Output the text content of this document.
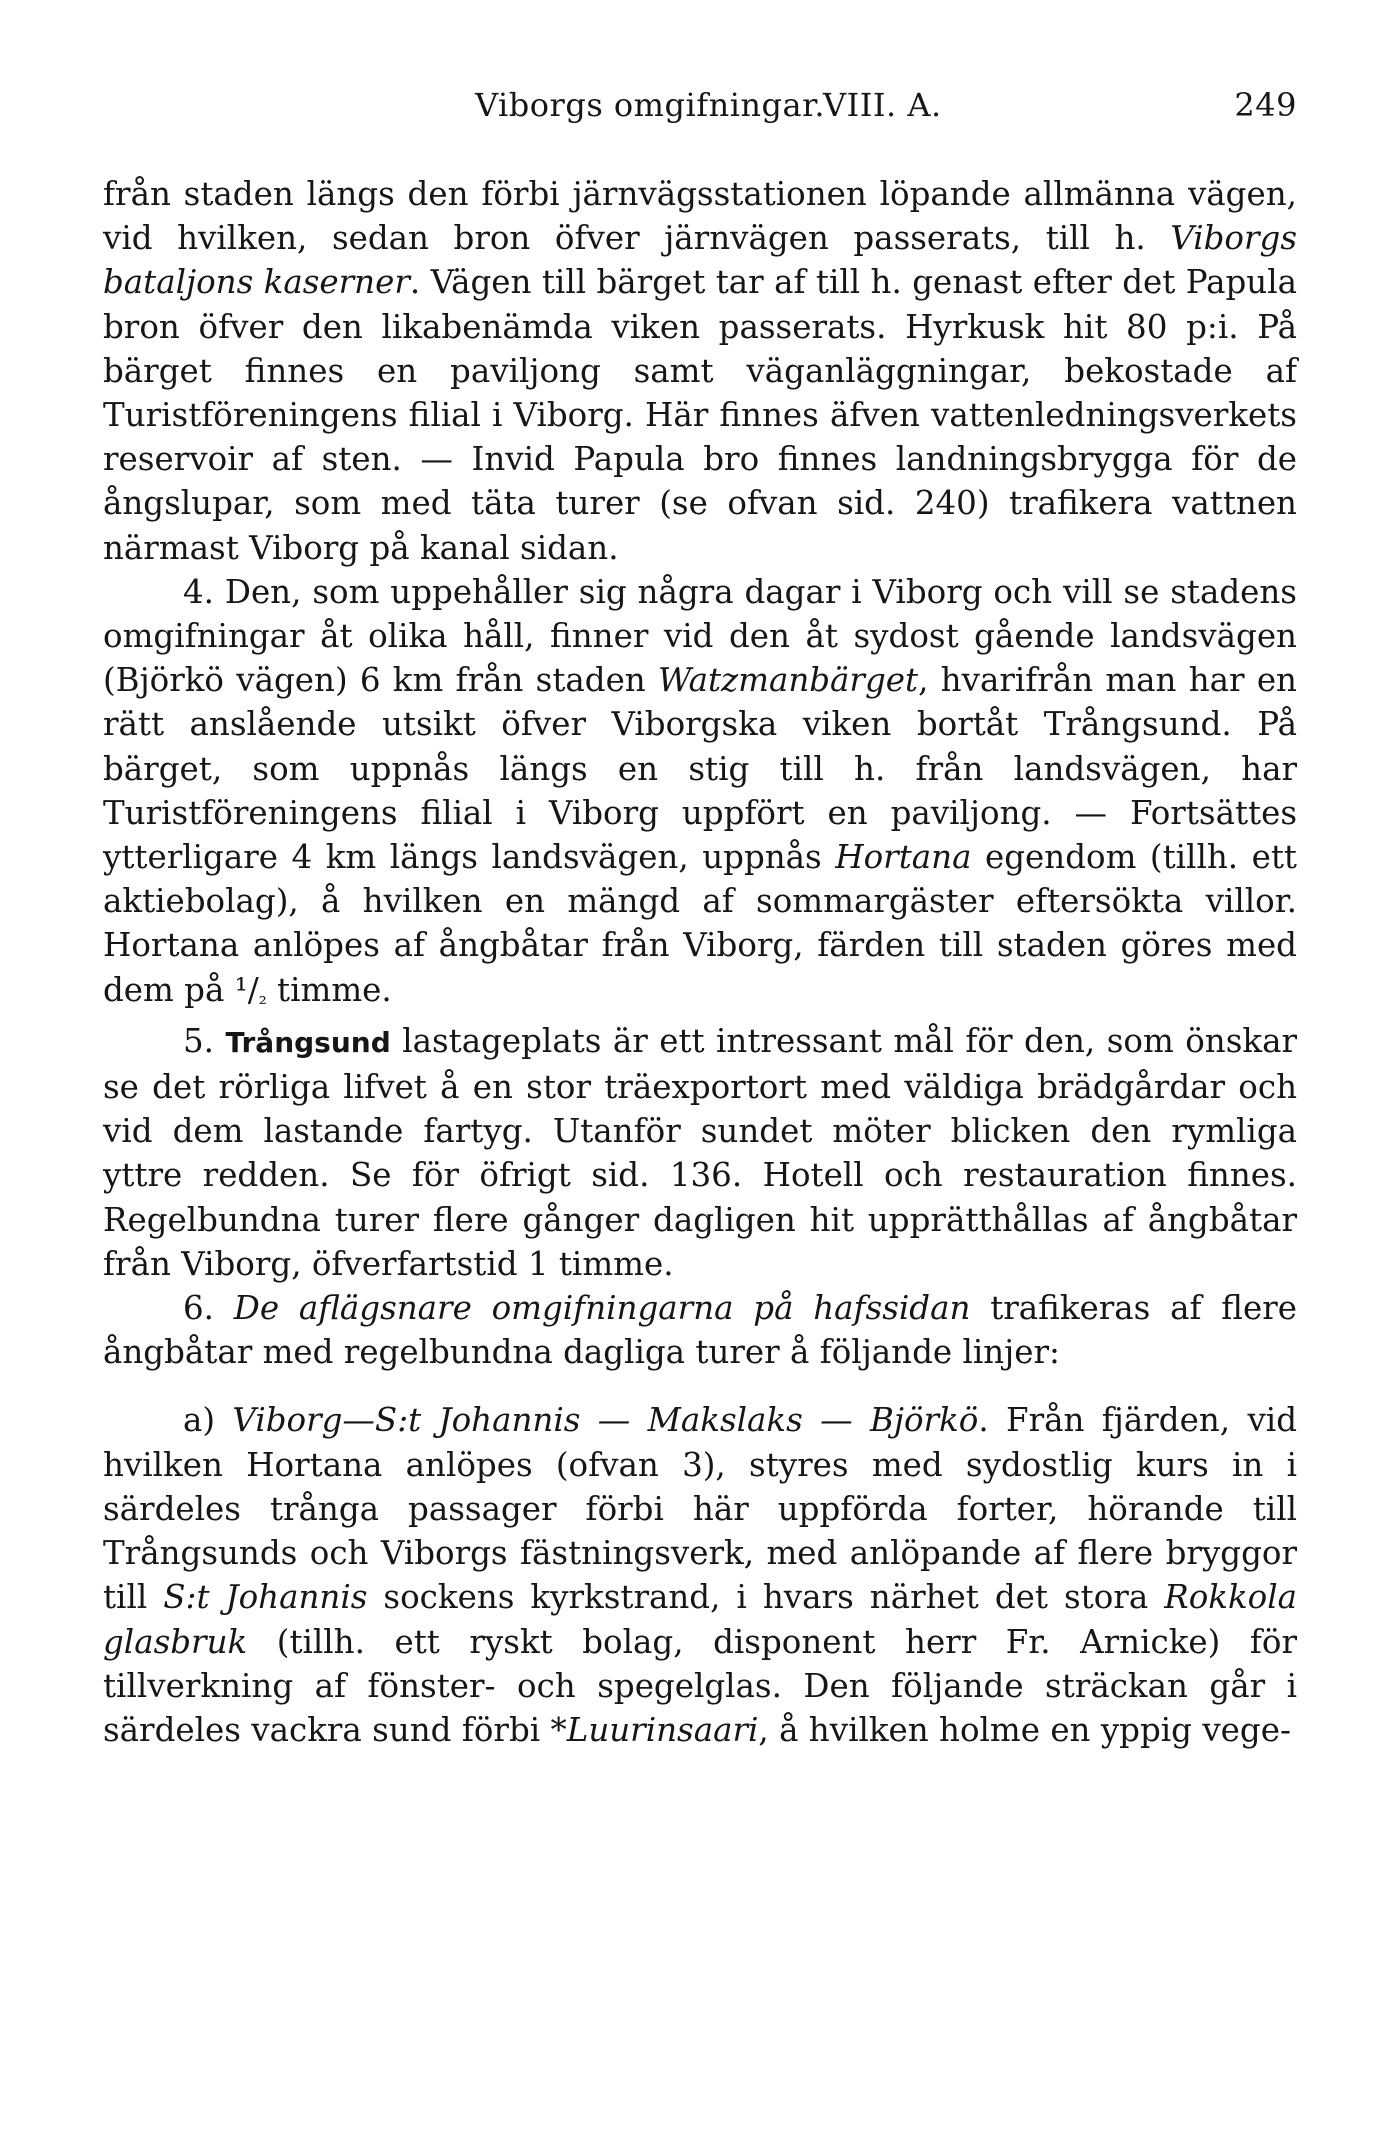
Viborgs omgifningar.
VIII. A.	249

från staden längs den förbi järnvägsstationen löpande allmänna vägen, vid hvilken, sedan bron öfver järnvägen passerats, till h. Viborgs bataljons kaserner. Vägen till bärget tar af till h. genast efter det Papula bron öfver den likabenämda viken passerats. Hyrkusk hit 80 p:i. På bärget finnes en paviljong samt väganläggningar, bekostade af Turistföreningens filial i Viborg. Här finnes äfven vattenledningsverkets reservoir af sten. — Invid Papula bro finnes landningsbrygga för de ångslupar, som med täta turer (se ofvan sid. 240) trafikera vattnen närmast Viborg på kanal sidan.

4. Den, som uppehåller sig några dagar i Viborg och vill se stadens omgifningar åt olika håll, finner vid den åt sydost gående landsvägen (Björkö vägen) 6 km från staden Watzmanbärget, hvarifrån man har en rätt anslående utsikt öfver Viborgska viken bortåt Trångsund. På bärget, som uppnås längs en stig till h. från landsvägen, har Turistföreningens filial i Viborg uppfört en paviljong. — Fortsättes ytterligare 4 km längs landsvägen, uppnås Hortana egendom (tillh. ett aktiebolag), å hvilken en mängd af sommargäster eftersökta villor. Hortana anlöpes af ångbåtar från Viborg, färden till staden göres med dem på ¹/₂ timme.

5. Trångsund lastageplats är ett intressant mål för den, som önskar se det rörliga lifvet å en stor träexportort med väldiga brädgårdar och vid dem lastande fartyg. Utanför sundet möter blicken den rymliga yttre redden. Se för öfrigt sid. 136. Hotell och restauration finnes. Regelbundna turer flere gånger dagligen hit upprätthållas af ångbåtar från Viborg, öfverfartstid 1 timme.

6. De aflägsnare omgifningarna på hafssidan trafikeras af flere ångbåtar med regelbundna dagliga turer å följande linjer:

a) Viborg—S:t Johannis — Makslaks — Björkö. Från fjärden, vid hvilken Hortana anlöpes (ofvan 3), styres med sydostlig kurs in i särdeles trånga passager förbi här uppförda forter, hörande till Trångsunds och Viborgs fästningsverk, med anlöpande af flere bryggor till S:t Johannis sockens kyrkstrand, i hvars närhet det stora Rokkola glasbruk (tillh. ett ryskt bolag, disponent herr Fr. Arnicke) för tillverkning af fönster- och spegelglas. Den följande sträckan går i särdeles vackra sund förbi *Luurinsaari, å hvilken holme en yppig vege-
